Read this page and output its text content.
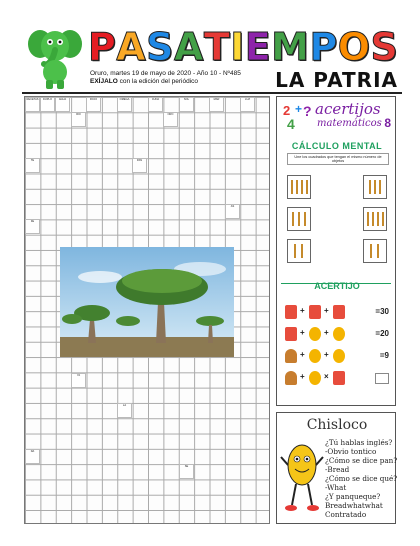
P A S A T I E M P O S
Oruro, martes 19 de mayo de 2020 - Año 10 - Nº485
EXÍJALO con la edición del periódico	LA PATRIA
RECETAS	DUPLO	AGUA	ROJO	OMEGA	CUNA	SOL	MAR	LUZ
RIO	ORO
TE	PAN
AS
FE
YA
LA
DA
SE
2 + ?
4
acertijos
matemáticos 8
CÁLCULO MENTAL
Une los cuadrados que tengan el mismo número de objetos
ACERTIJO
+ +	=30
+ +	=20
+ +	=9
+ ×
Chisloco
¿Tú hablas inglés?
-Obvio tontico
¿Cómo se dice pan?
-Bread
¿Cómo se dice qué?
-What
¿Y panqueque?
Breadwhatwhat
Contratado
